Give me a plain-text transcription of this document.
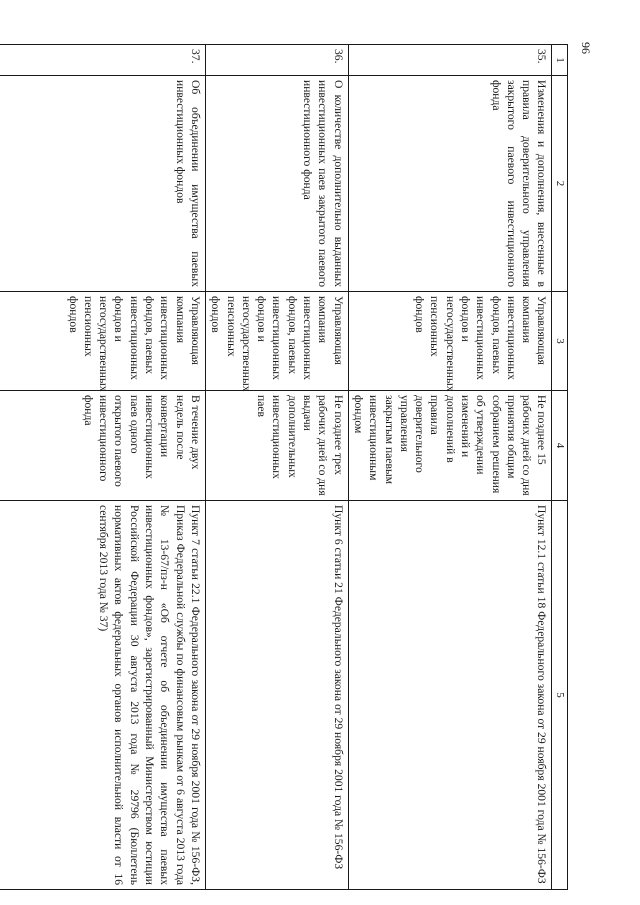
96
1	2	3	4	5
35.	Изменения и дополнения, внесенные в правила доверительного управления закрытого паевого инвестиционного фонда	Управляющая компания инвестиционных фондов, паевых инвестиционных фондов и негосударственных пенсионных фондов	Не позднее 15 рабочих дней со дня принятия общим собранием решения об утверждении изменений и дополнений в правила доверительного управления закрытым паевым инвестиционным фондом	Пункт 12.1 статьи 18 Федерального закона от 29 ноября 2001 года № 156-ФЗ
36.	О количестве дополнительно выданных инвестиционных паев закрытого паевого инвестиционного фонда	Управляющая компания инвестиционных фондов, паевых инвестиционных фондов и негосударственных пенсионных фондов	Не позднее трех рабочих дней со дня выдачи дополнительных инвестиционных паев	Пункт 6 статьи 21 Федерального закона от 29 ноября 2001 года № 156-ФЗ
37.	Об объединении имущества паевых инвестиционных фондов	Управляющая компания инвестиционных фондов, паевых инвестиционных фондов и негосударственных пенсионных фондов	В течение двух недель после конвертации инвестиционных паев одного открытого паевого инвестиционного фонда	Пункт 7 статьи 22.1 Федерального закона от 29 ноября 2001 года № 156-ФЗ, Приказ Федеральной службы по финансовым рынкам от 6 августа 2013 года № 13-67/пз-н «Об отчете об объединении имущества паевых инвестиционных фондов», зарегистрированный Министерством юстиции Российской Федерации 30 августа 2013 года № 29796 (Бюллетень нормативных актов федеральных органов исполнительной власти от 16 сентября 2013 года № 37)
